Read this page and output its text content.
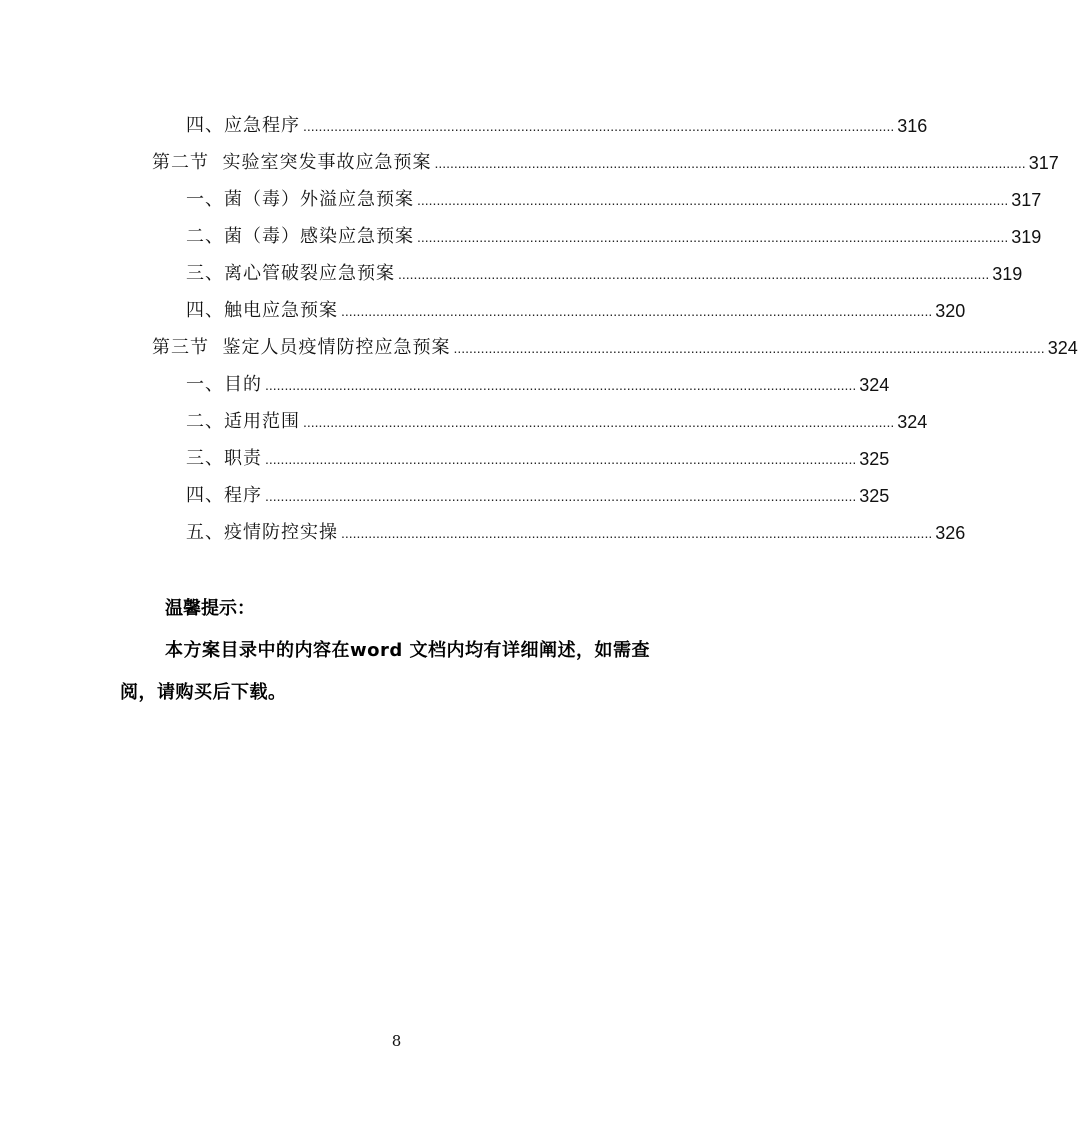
四、应急程序 ........................................................................................................................................................ 316
第二节  实验室突发事故应急预案 ........................................................................................................................................................ 317
一、菌（毒）外溢应急预案 ........................................................................................................................................................ 317
二、菌（毒）感染应急预案 ........................................................................................................................................................ 319
三、离心管破裂应急预案 ........................................................................................................................................................ 319
四、触电应急预案 ........................................................................................................................................................ 320
第三节  鉴定人员疫情防控应急预案 ........................................................................................................................................................ 324
一、目的 ........................................................................................................................................................ 324
二、适用范围 ........................................................................................................................................................ 324
三、职责 ........................................................................................................................................................ 325
四、程序 ........................................................................................................................................................ 325
五、疫情防控实操 ........................................................................................................................................................ 326
温馨提示：

本方案目录中的内容在word 文档内均有详细阐述，如需查阅，请购买后下载。

8
